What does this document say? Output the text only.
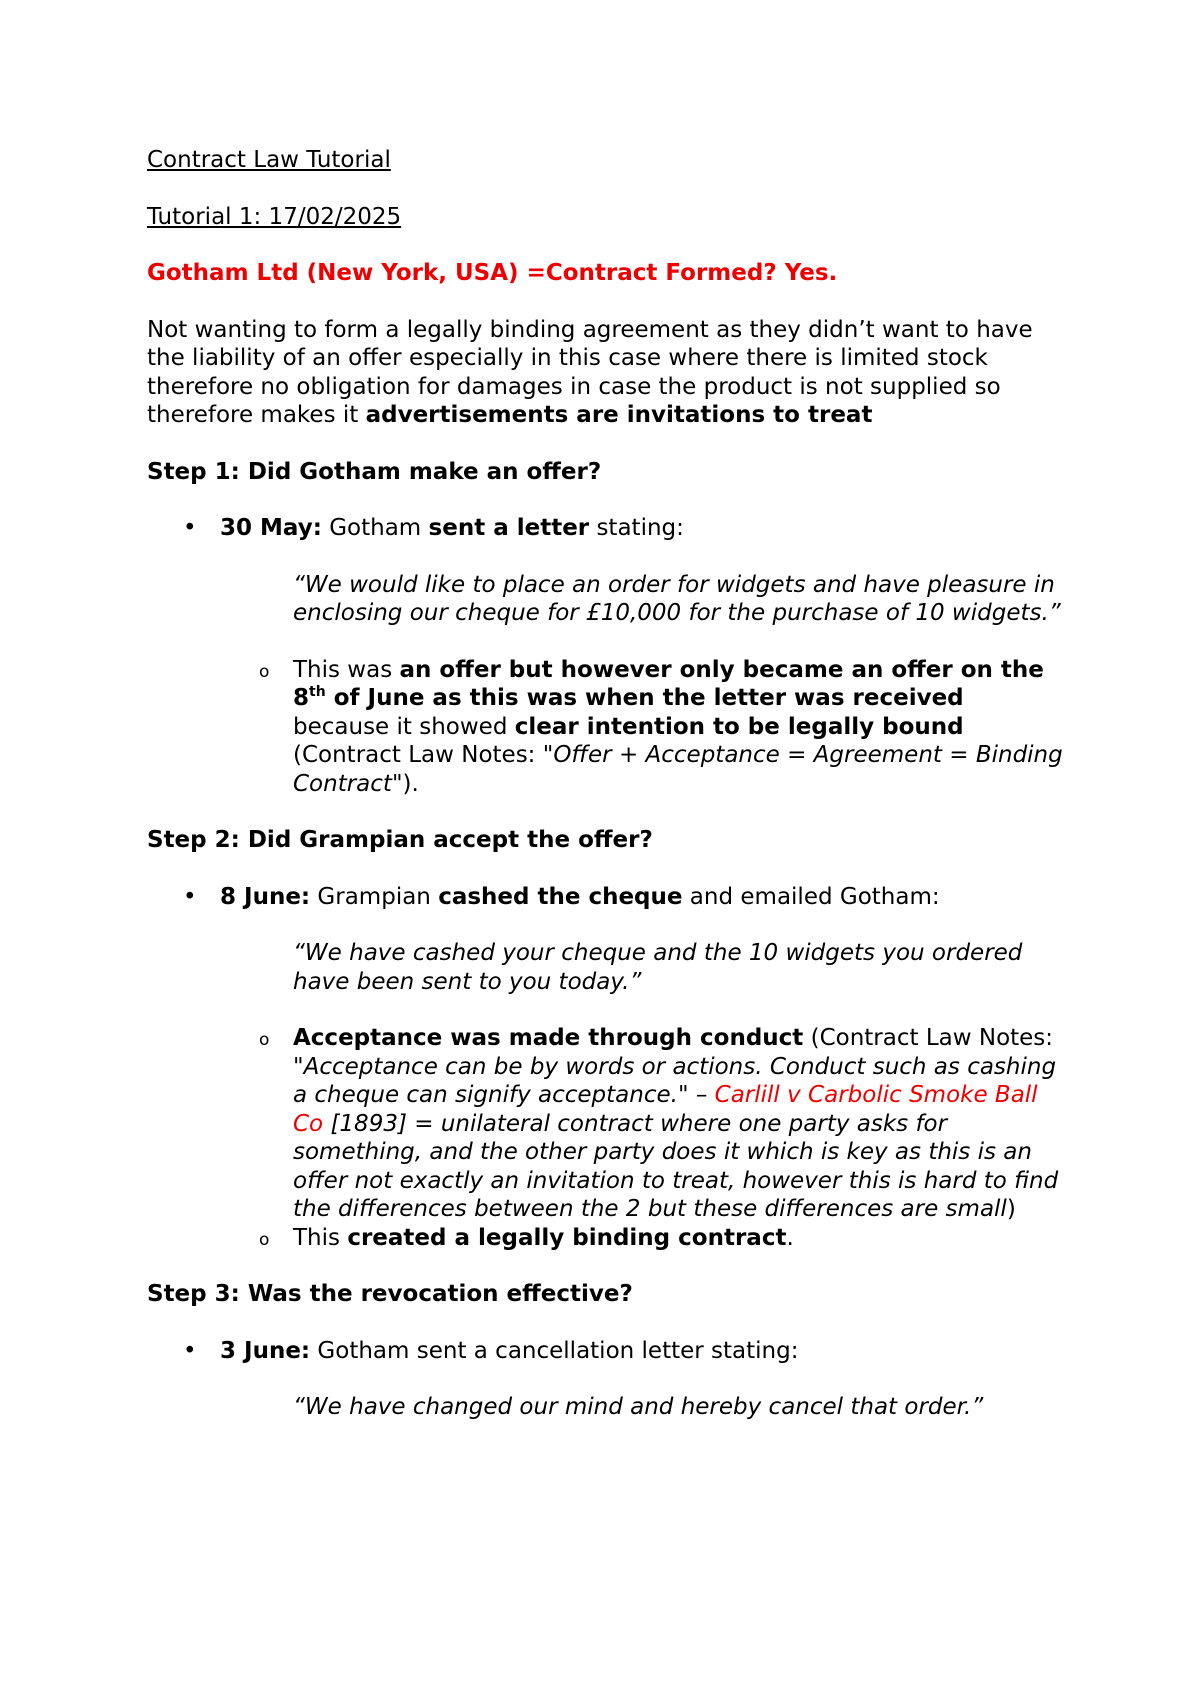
Contract Law Tutorial

Tutorial 1: 17/02/2025

Gotham Ltd (New York, USA) =Contract Formed? Yes.

Not wanting to form a legally binding agreement as they didn’t want to have the liability of an offer especially in this case where there is limited stock therefore no obligation for damages in case the product is not supplied so therefore makes it advertisements are invitations to treat

Step 1: Did Gotham make an offer?

• 30 May: Gotham sent a letter stating:

“We would like to place an order for widgets and have pleasure in enclosing our cheque for £10,000 for the purchase of 10 widgets.”

o This was an offer but however only became an offer on the 8th of June as this was when the letter was received because it showed clear intention to be legally bound (Contract Law Notes: "Offer + Acceptance = Agreement = Binding Contract").

Step 2: Did Grampian accept the offer?

• 8 June: Grampian cashed the cheque and emailed Gotham:

“We have cashed your cheque and the 10 widgets you ordered have been sent to you today.”

o Acceptance was made through conduct (Contract Law Notes: "Acceptance can be by words or actions. Conduct such as cashing a cheque can signify acceptance." – Carlill v Carbolic Smoke Ball Co [1893] = unilateral contract where one party asks for something, and the other party does it which is key as this is an offer not exactly an invitation to treat, however this is hard to find the differences between the 2 but these differences are small)
o This created a legally binding contract.

Step 3: Was the revocation effective?

• 3 June: Gotham sent a cancellation letter stating:

“We have changed our mind and hereby cancel that order.”
